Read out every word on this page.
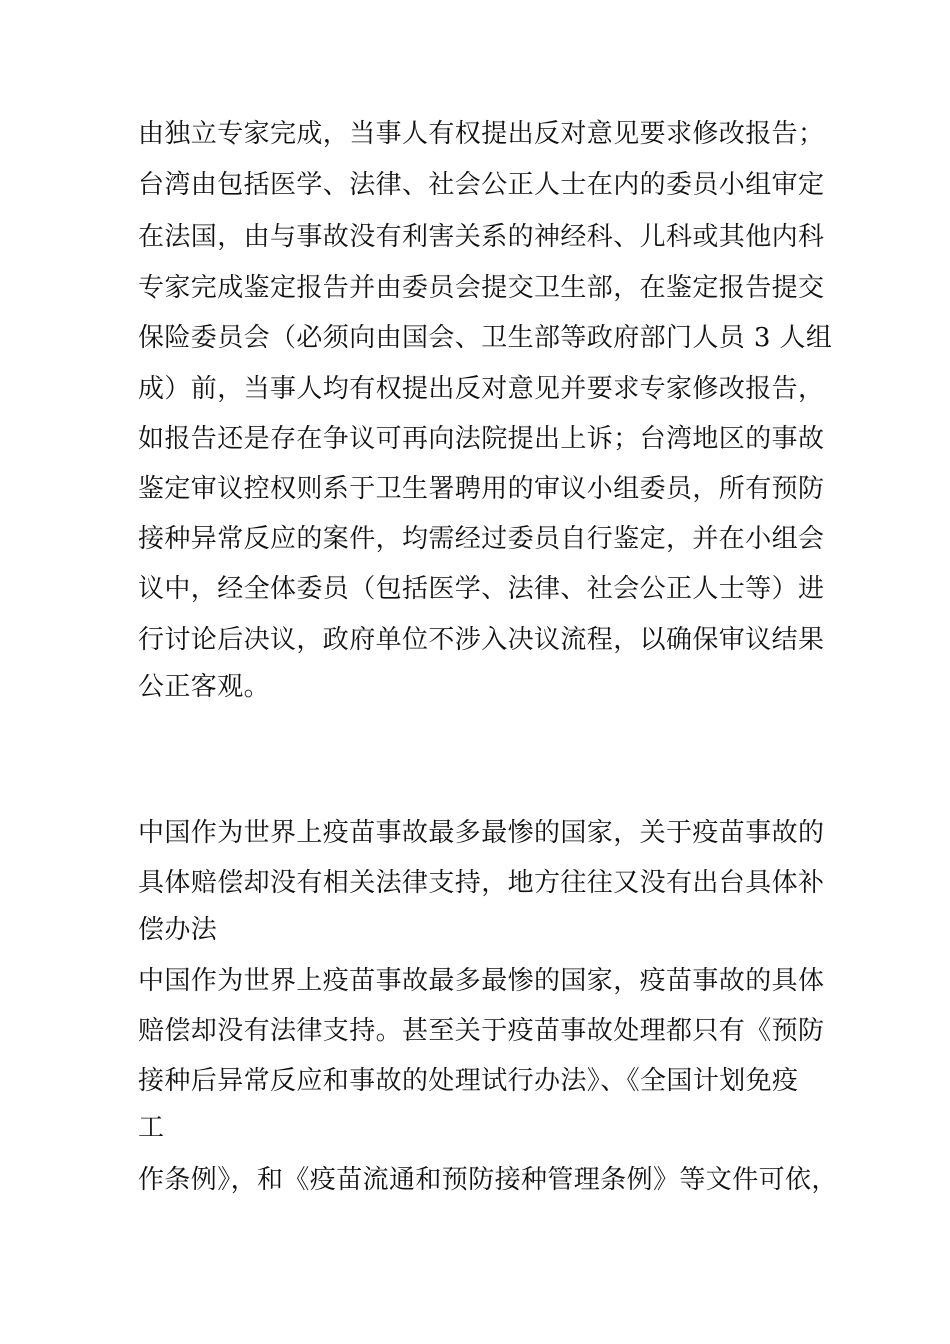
由独立专家完成，当事人有权提出反对意见要求修改报告；
台湾由包括医学、法律、社会公正人士在内的委员小组审定
在法国，由与事故没有利害关系的神经科、儿科或其他内科
专家完成鉴定报告并由委员会提交卫生部，在鉴定报告提交
保险委员会（必须向由国会、卫生部等政府部门人员 3 人组
成）前，当事人均有权提出反对意见并要求专家修改报告，
如报告还是存在争议可再向法院提出上诉；台湾地区的事故
鉴定审议控权则系于卫生署聘用的审议小组委员，所有预防
接种异常反应的案件，均需经过委员自行鉴定，并在小组会
议中，经全体委员（包括医学、法律、社会公正人士等）进
行讨论后决议，政府单位不涉入决议流程，以确保审议结果
公正客观。
中国作为世界上疫苗事故最多最惨的国家，关于疫苗事故的
具体赔偿却没有相关法律支持，地方往往又没有出台具体补
偿办法
中国作为世界上疫苗事故最多最惨的国家，疫苗事故的具体
赔偿却没有法律支持。甚至关于疫苗事故处理都只有《预防
接种后异常反应和事故的处理试行办法》、《全国计划免疫
工
作条例》，和《疫苗流通和预防接种管理条例》等文件可依，
